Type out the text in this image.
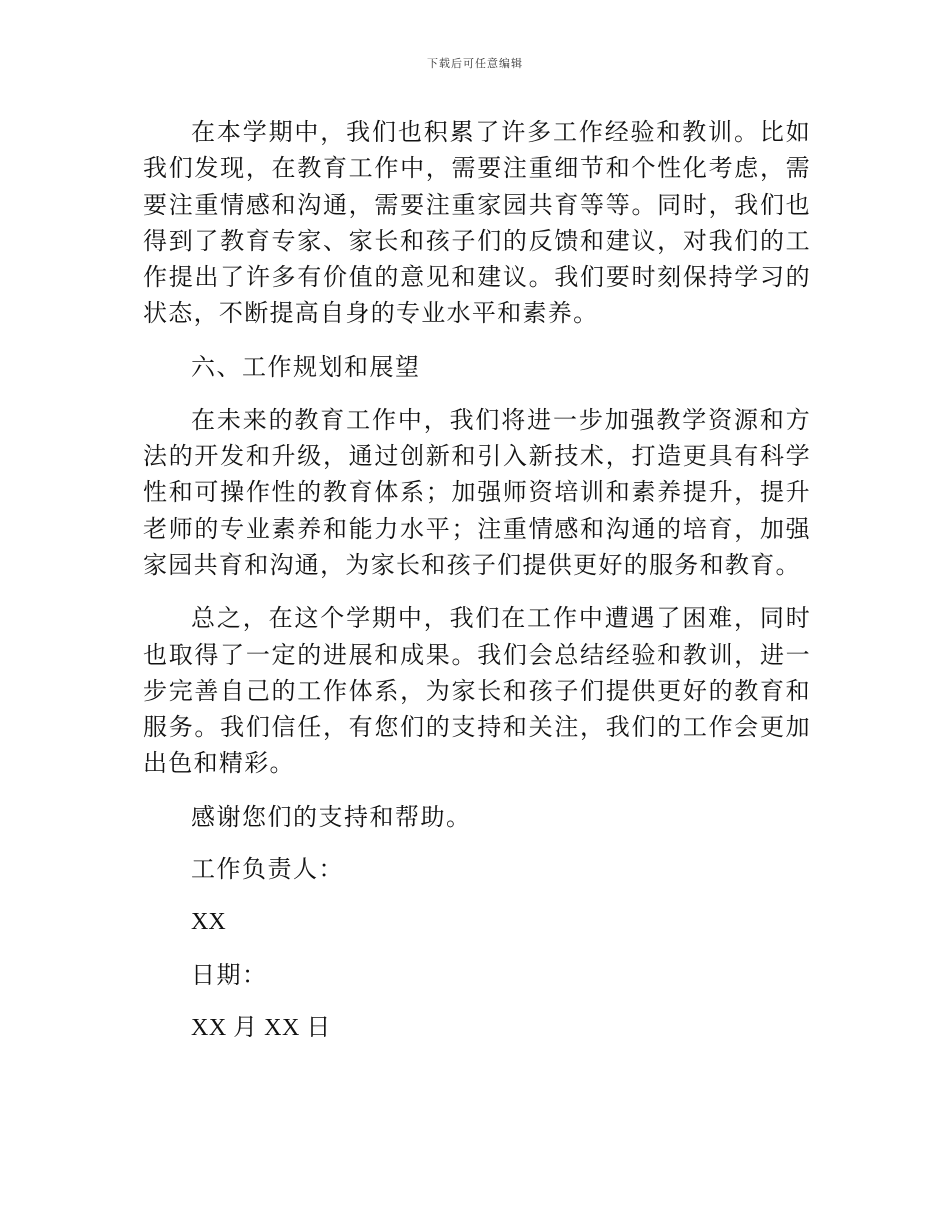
下载后可任意编辑

在本学期中，我们也积累了许多工作经验和教训。比如我们发现，在教育工作中，需要注重细节和个性化考虑，需要注重情感和沟通，需要注重家园共育等等。同时，我们也得到了教育专家、家长和孩子们的反馈和建议，对我们的工作提出了许多有价值的意见和建议。我们要时刻保持学习的状态，不断提高自身的专业水平和素养。

六、工作规划和展望

在未来的教育工作中，我们将进一步加强教学资源和方法的开发和升级，通过创新和引入新技术，打造更具有科学性和可操作性的教育体系；加强师资培训和素养提升，提升老师的专业素养和能力水平；注重情感和沟通的培育，加强家园共育和沟通，为家长和孩子们提供更好的服务和教育。

总之，在这个学期中，我们在工作中遭遇了困难，同时也取得了一定的进展和成果。我们会总结经验和教训，进一步完善自己的工作体系，为家长和孩子们提供更好的教育和服务。我们信任，有您们的支持和关注，我们的工作会更加出色和精彩。

感谢您们的支持和帮助。

工作负责人：

XX

日期：

XX 月 XX 日
